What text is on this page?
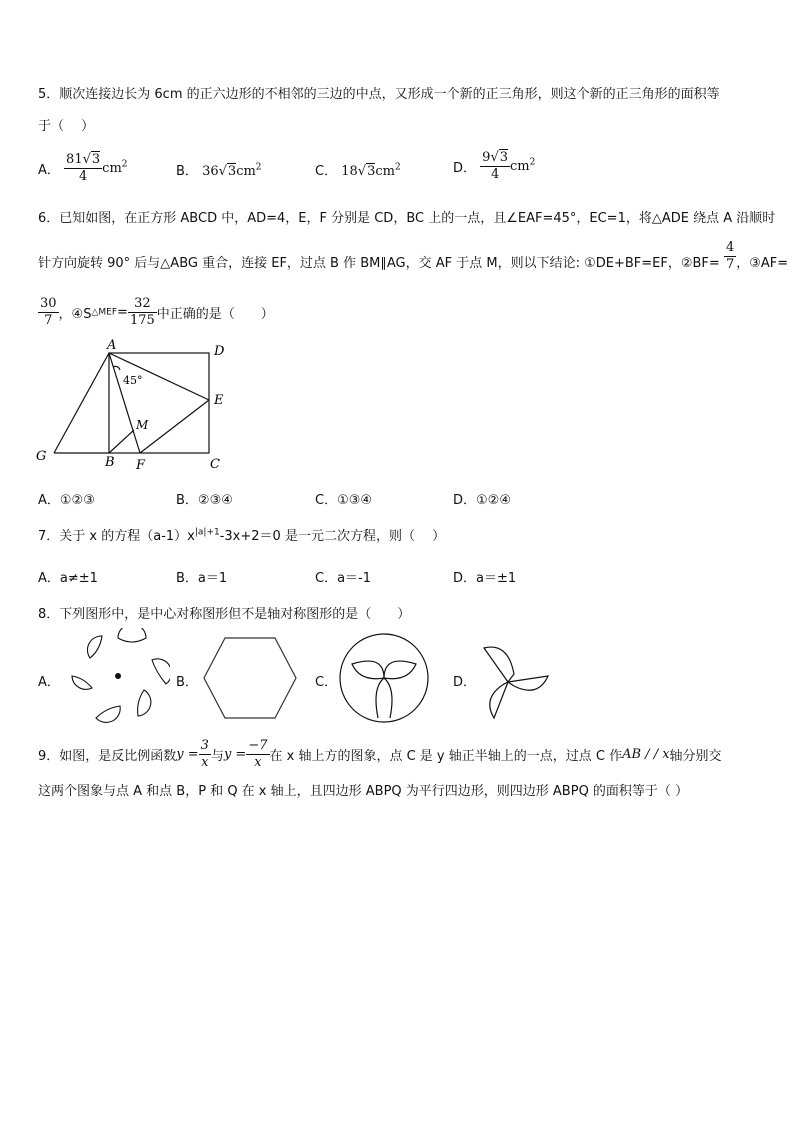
5．顺次连接边长为 6cm 的正六边形的不相邻的三边的中点，又形成一个新的正三角形，则这个新的正三角形的面积等
于（　 ）
A． $\frac{81√3}{4} cm^2$	B． $36√3cm^2$	C． $18√3cm^2$	D． $\frac{9√3}{4} cm^2$
6．已知如图，在正方形 ABCD 中，AD=4，E，F 分别是 CD，BC 上的一点，且∠EAF=45°，EC=1，将△ADE 绕点 A 沿顺时
针方向旋转 90° 后与△ABG 重合，连接 EF，过点 B 作 BM∥AG，交 AF 于点 M，则以下结论: ①DE+BF=EF，②BF= $\frac{4}{7}$ ，③AF=
$\frac{30}{7}$ ，④S△MEF= $\frac{32}{175}$ 中正确的是（　　）
A	D
E
C
B F
G
M
45°
A．①②③	B．②③④	C．①③④	D．①②④
7．关于 x 的方程$(a-1)x^{|a|+1}-3x+2=0$ 是一元二次方程，则（　 ）
A．a≠±1	B．a＝1	C．a＝-1	D．a＝±1
8．下列图形中，是中心对称图形但不是轴对称图形的是（　　）
A．	B．	C．	D．
9．如图，是反比例函数$y = \frac{3}{x}$ 与$y = \frac{-7}{x}$ 在 x 轴上方的图象，点 C 是 y 轴正半轴上的一点，过点 C 作AB / / x轴分别交
这两个图象与点 A 和点 B，P 和 Q 在 x 轴上，且四边形 ABPQ 为平行四边形，则四边形 ABPQ 的面积等于（ ）
